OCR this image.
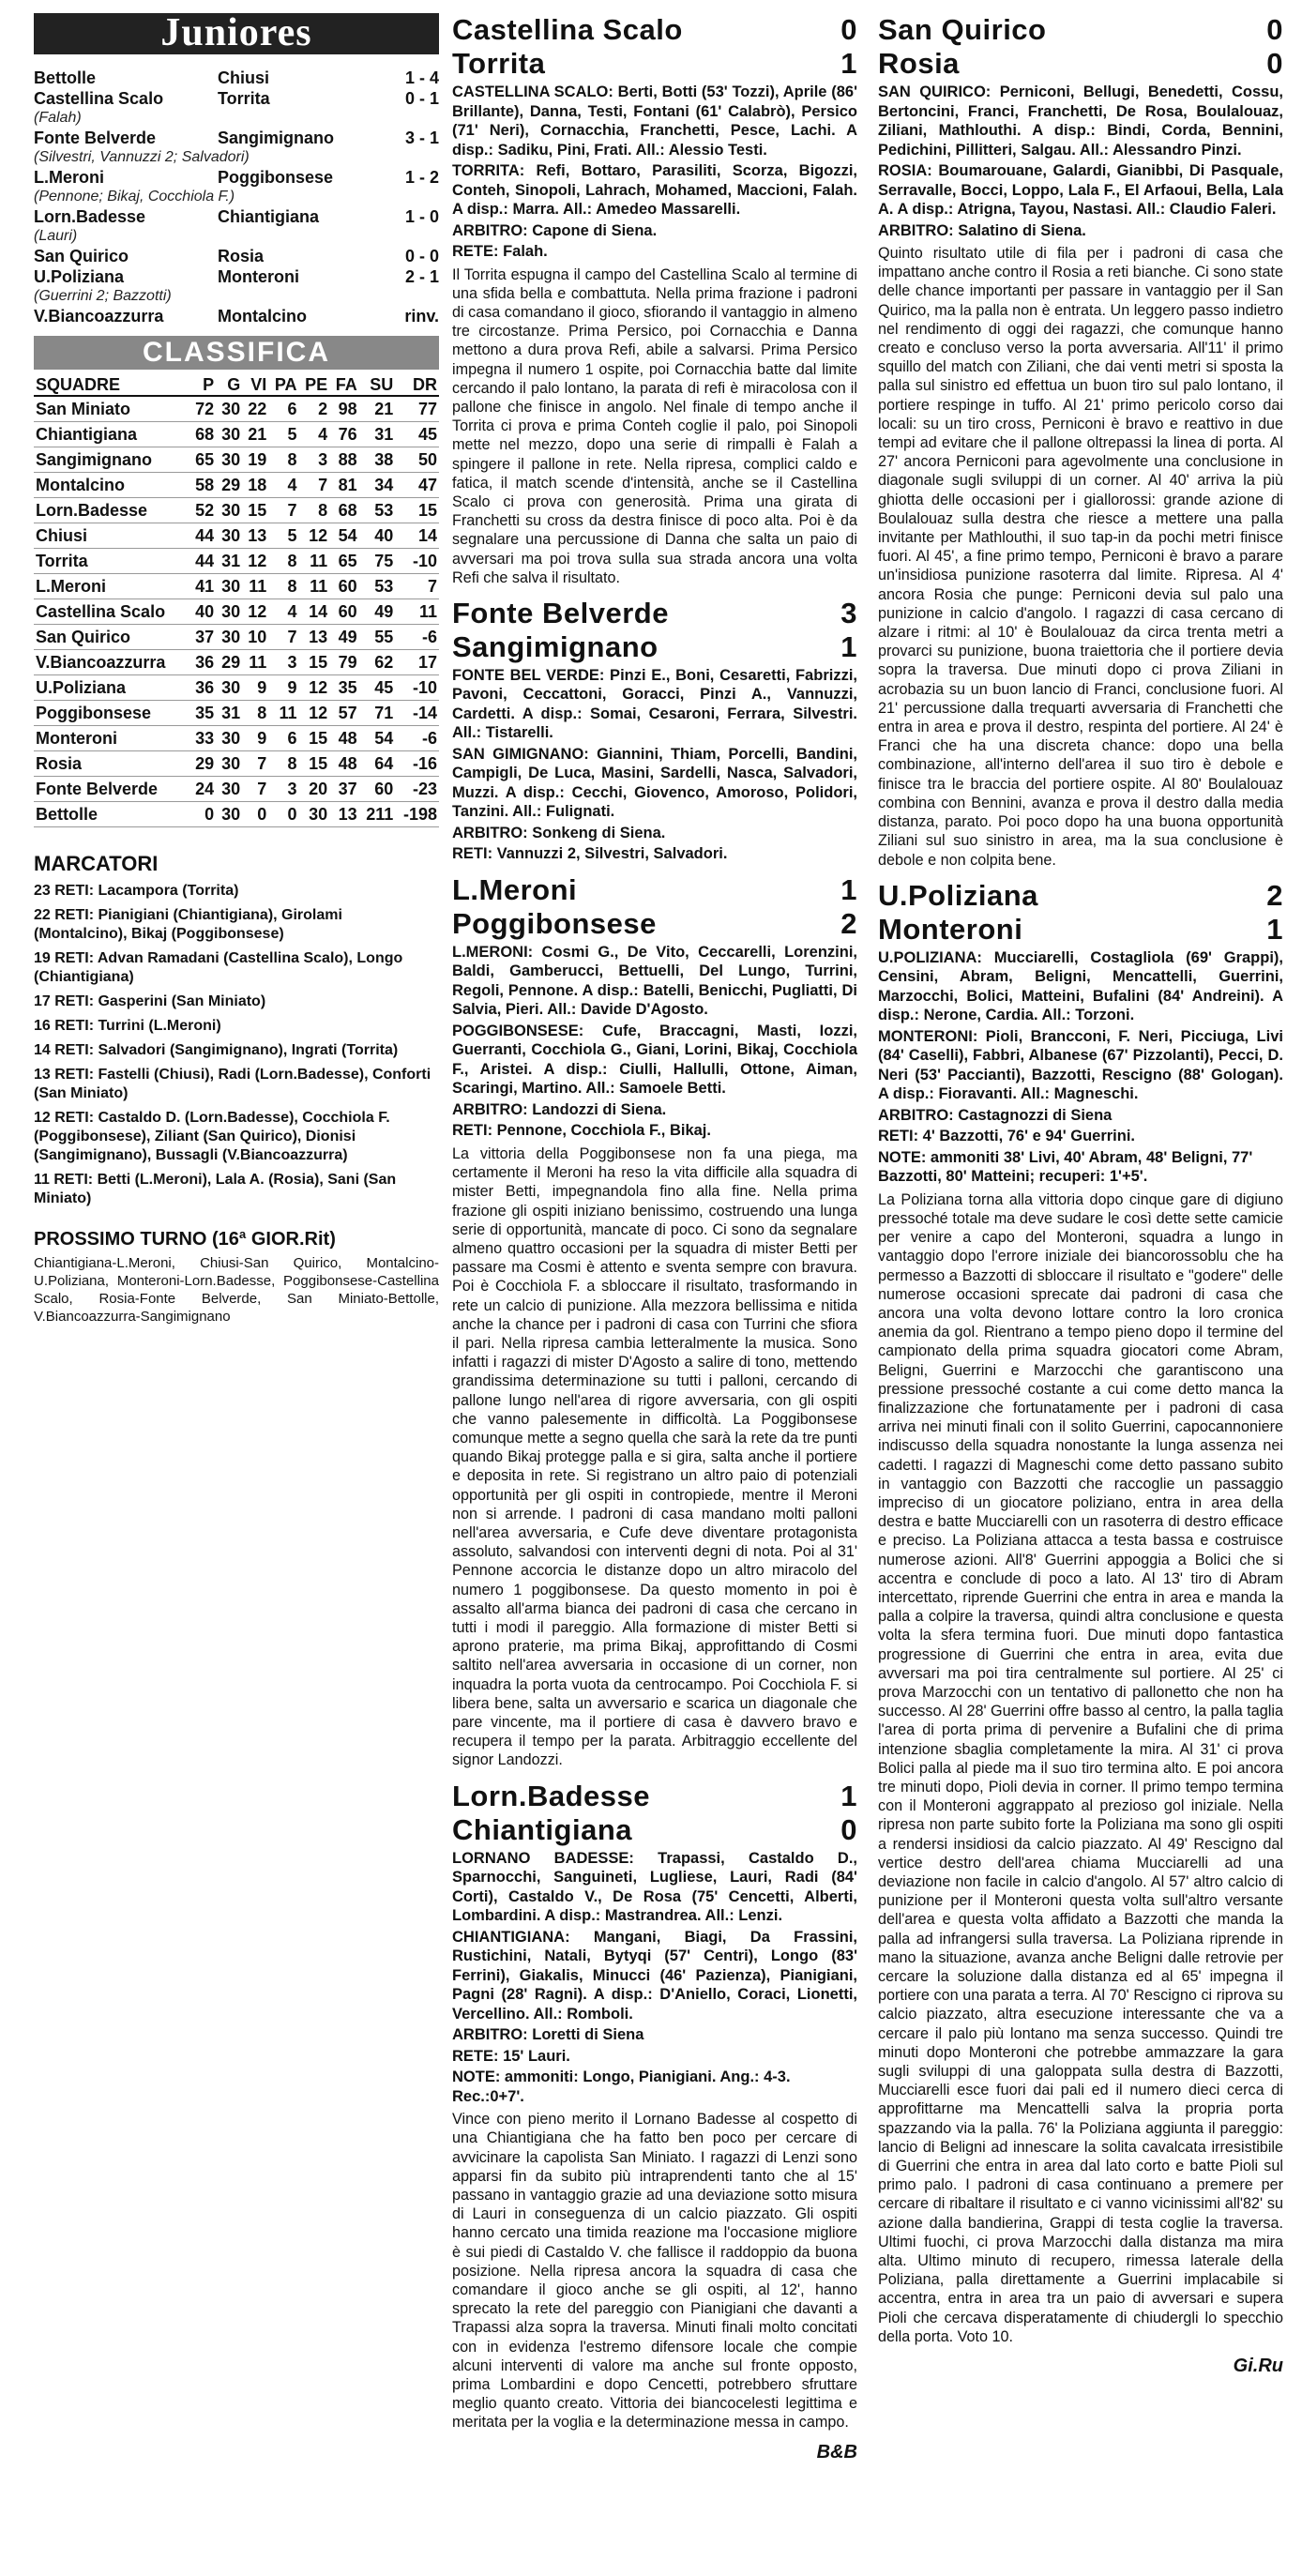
Juniores
Bettolle	Chiusi	1 - 4
Castellina Scalo	Torrita	0 - 1
(Falah)
Fonte Belverde	Sangimignano	3 - 1
(Silvestri, Vannuzzi 2; Salvadori)
L.Meroni	Poggibonsese	1 - 2
(Pennone; Bikaj, Cocchiola F.)
Lorn.Badesse	Chiantigiana	1 - 0
(Lauri)
San Quirico	Rosia	0 - 0
U.Poliziana	Monteroni	2 - 1
(Guerrini 2; Bazzotti)
V.Biancoazzurra	Montalcino	rinv.
CLASSIFICA
SQUADRE	P	G	VI	PA	PE	FA	SU	DR
San Miniato	72	30	22	6	2	98	21	77
Chiantigiana	68	30	21	5	4	76	31	45
Sangimignano	65	30	19	8	3	88	38	50
Montalcino	58	29	18	4	7	81	34	47
Lorn.Badesse	52	30	15	7	8	68	53	15
Chiusi	44	30	13	5	12	54	40	14
Torrita	44	31	12	8	11	65	75	-10
L.Meroni	41	30	11	8	11	60	53	7
Castellina Scalo	40	30	12	4	14	60	49	11
San Quirico	37	30	10	7	13	49	55	-6
V.Biancoazzurra	36	29	11	3	15	79	62	17
U.Poliziana	36	30	9	9	12	35	45	-10
Poggibonsese	35	31	8	11	12	57	71	-14
Monteroni	33	30	9	6	15	48	54	-6
Rosia	29	30	7	8	15	48	64	-16
Fonte Belverde	24	30	7	3	20	37	60	-23
Bettolle	0	30	0	0	30	13	211	-198
MARCATORI

23 RETI: Lacampora (Torrita)

22 RETI: Pianigiani (Chiantigiana), Girolami (Montalcino), Bikaj (Poggibonsese)

19 RETI: Advan Ramadani (Castellina Scalo), Longo (Chiantigiana)

17 RETI: Gasperini (San Miniato)

16 RETI: Turrini (L.Meroni)

14 RETI: Salvadori (Sangimignano), Ingrati (Torrita)

13 RETI: Fastelli (Chiusi), Radi (Lorn.Badesse), Conforti (San Miniato)

12 RETI: Castaldo D. (Lorn.Badesse), Cocchiola F. (Poggibonsese), Ziliant (San Quirico), Dionisi (Sangimignano), Bussagli (V.Biancoazzurra)

11 RETI: Betti (L.Meroni), Lala A. (Rosia), Sani (San Miniato)

PROSSIMO TURNO (16ª GIOR.Rit)

Chiantigiana-L.Meroni, Chiusi-San Quirico, Montalcino-U.Poliziana, Monteroni-Lorn.Badesse, Poggibonsese-Castellina Scalo, Rosia-Fonte Belverde, San Miniato-Bettolle, V.Biancoazzurra-Sangimignano

Castellina Scalo	0
Torrita	1

CASTELLINA SCALO: Berti, Botti (53' Tozzi), Aprile (86' Brillante), Danna, Testi, Fontani (61' Calabrò), Persico (71' Neri), Cornacchia, Franchetti, Pesce, Lachi. A disp.: Sadiku, Pini, Frati. All.: Alessio Testi.

TORRITA: Refi, Bottaro, Parasiliti, Scorza, Bigozzi, Conteh, Sinopoli, Lahrach, Mohamed, Maccioni, Falah. A disp.: Marra. All.: Amedeo Massarelli.

ARBITRO: Capone di Siena.

RETE: Falah.

Il Torrita espugna il campo del Castellina Scalo al termine di una sfida bella e combattuta. Nella prima frazione i padroni di casa comandano il gioco, sfiorando il vantaggio in almeno tre circostanze. Prima Persico, poi Cornacchia e Danna mettono a dura prova Refi, abile a salvarsi. Prima Persico impegna il numero 1 ospite, poi Cornacchia batte dal limite cercando il palo lontano, la parata di refi è miracolosa con il pallone che finisce in angolo. Nel finale di tempo anche il Torrita ci prova e prima Conteh coglie il palo, poi Sinopoli mette nel mezzo, dopo una serie di rimpalli è Falah a spingere il pallone in rete. Nella ripresa, complici caldo e fatica, il match scende d'intensità, anche se il Castellina Scalo ci prova con generosità. Prima una girata di Franchetti su cross da destra finisce di poco alta. Poi è da segnalare una percussione di Danna che salta un paio di avversari ma poi trova sulla sua strada ancora una volta Refi che salva il risultato.

Fonte Belverde	3
Sangimignano	1

FONTE BEL VERDE: Pinzi E., Boni, Cesaretti, Fabrizzi, Pavoni, Ceccattoni, Goracci, Pinzi A., Vannuzzi, Cardetti. A disp.: Somai, Cesaroni, Ferrara, Silvestri. All.: Tistarelli.

SAN GIMIGNANO: Giannini, Thiam, Porcelli, Bandini, Campigli, De Luca, Masini, Sardelli, Nasca, Salvadori, Muzzi. A disp.: Cecchi, Giovenco, Amoroso, Polidori, Tanzini. All.: Fulignati.

ARBITRO: Sonkeng di Siena.

RETI: Vannuzzi 2, Silvestri, Salvadori.

L.Meroni	1
Poggibonsese	2

L.MERONI: Cosmi G., De Vito, Ceccarelli, Lorenzini, Baldi, Gamberucci, Bettuelli, Del Lungo, Turrini, Regoli, Pennone. A disp.: Batelli, Benicchi, Pugliatti, Di Salvia, Pieri. All.: Davide D'Agosto.

POGGIBONSESE: Cufe, Braccagni, Masti, Iozzi, Guerranti, Cocchiola G., Giani, Lorini, Bikaj, Cocchiola F., Aristei. A disp.: Ciulli, Hallulli, Ottone, Aiman, Scaringi, Martino. All.: Samoele Betti.

ARBITRO: Landozzi di Siena.

RETI: Pennone, Cocchiola F., Bikaj.

La vittoria della Poggibonsese non fa una piega, ma certamente il Meroni ha reso la vita difficile alla squadra di mister Betti, impegnandola fino alla fine. Nella prima frazione gli ospiti iniziano benissimo, costruendo una lunga serie di opportunità, mancate di poco. Ci sono da segnalare almeno quattro occasioni per la squadra di mister Betti per passare ma Cosmi è attento e sventa sempre con bravura. Poi è Cocchiola F. a sbloccare il risultato, trasformando in rete un calcio di punizione. Alla mezzora bellissima e nitida anche la chance per i padroni di casa con Turrini che sfiora il pari. Nella ripresa cambia letteralmente la musica. Sono infatti i ragazzi di mister D'Agosto a salire di tono, mettendo grandissima determinazione su tutti i palloni, cercando di pallone lungo nell'area di rigore avversaria, con gli ospiti che vanno palesemente in difficoltà. La Poggibonsese comunque mette a segno quella che sarà la rete da tre punti quando Bikaj protegge palla e si gira, salta anche il portiere e deposita in rete. Si registrano un altro paio di potenziali opportunità per gli ospiti in contropiede, mentre il Meroni non si arrende. I padroni di casa mandano molti palloni nell'area avversaria, e Cufe deve diventare protagonista assoluto, salvandosi con interventi degni di nota. Poi al 31' Pennone accorcia le distanze dopo un altro miracolo del numero 1 poggibonsese. Da questo momento in poi è assalto all'arma bianca dei padroni di casa che cercano in tutti i modi il pareggio. Alla formazione di mister Betti si aprono praterie, ma prima Bikaj, approfittando di Cosmi saltito nell'area avversaria in occasione di un corner, non inquadra la porta vuota da centrocampo. Poi Cocchiola F. si libera bene, salta un avversario e scarica un diagonale che pare vincente, ma il portiere di casa è davvero bravo e recupera il tempo per la parata. Arbitraggio eccellente del signor Landozzi.

Lorn.Badesse	1
Chiantigiana	0

LORNANO BADESSE: Trapassi, Castaldo D., Sparnocchi, Sanguineti, Lugliese, Lauri, Radi (84' Corti), Castaldo V., De Rosa (75' Cencetti, Alberti, Lombardini. A disp.: Mastrandrea. All.: Lenzi.

CHIANTIGIANA: Mangani, Biagi, Da Frassini, Rustichini, Natali, Bytyqi (57' Centri), Longo (83' Ferrini), Giakalis, Minucci (46' Pazienza), Pianigiani, Pagni (28' Ragni). A disp.: D'Aniello, Coraci, Lionetti, Vercellino. All.: Romboli.

ARBITRO: Loretti di Siena

RETE: 15' Lauri.

NOTE: ammoniti: Longo, Pianigiani. Ang.: 4-3. Rec.:0+7'.

Vince con pieno merito il Lornano Badesse al cospetto di una Chiantigiana che ha fatto ben poco per cercare di avvicinare la capolista San Miniato. I ragazzi di Lenzi sono apparsi fin da subito più intraprendenti tanto che al 15' passano in vantaggio grazie ad una deviazione sotto misura di Lauri in conseguenza di un calcio piazzato. Gli ospiti hanno cercato una timida reazione ma l'occasione migliore è sui piedi di Castaldo V. che fallisce il raddoppio da buona posizione. Nella ripresa ancora la squadra di casa che comandare il gioco anche se gli ospiti, al 12', hanno sprecato la rete del pareggio con Pianigiani che davanti a Trapassi alza sopra la traversa. Minuti finali molto concitati con in evidenza l'estremo difensore locale che compie alcuni interventi di valore ma anche sul fronte opposto, prima Lombardini e dopo Cencetti, potrebbero sfruttare meglio quanto creato. Vittoria dei biancocelesti legittima e meritata per la voglia e la determinazione messa in campo.

B&B
San Quirico	0
Rosia	0

SAN QUIRICO: Perniconi, Bellugi, Benedetti, Cossu, Bertoncini, Franci, Franchetti, De Rosa, Boulalouaz, Ziliani, Mathlouthi. A disp.: Bindi, Corda, Bennini, Pedichini, Pillitteri, Salgau. All.: Alessandro Pinzi.

ROSIA: Boumarouane, Galardi, Gianibbi, Di Pasquale, Serravalle, Bocci, Loppo, Lala F., El Arfaoui, Bella, Lala A. A disp.: Atrigna, Tayou, Nastasi. All.: Claudio Faleri.

ARBITRO: Salatino di Siena.

Quinto risultato utile di fila per i padroni di casa che impattano anche contro il Rosia a reti bianche. Ci sono state delle chance importanti per passare in vantaggio per il San Quirico, ma la palla non è entrata. Un leggero passo indietro nel rendimento di oggi dei ragazzi, che comunque hanno creato e concluso verso la porta avversaria. All'11' il primo squillo del match con Ziliani, che dai venti metri si sposta la palla sul sinistro ed effettua un buon tiro sul palo lontano, il portiere respinge in tuffo. Al 21' primo pericolo corso dai locali: su un tiro cross, Perniconi è bravo e reattivo in due tempi ad evitare che il pallone oltrepassi la linea di porta. Al 27' ancora Perniconi para agevolmente una conclusione in diagonale sugli sviluppi di un corner. Al 40' arriva la più ghiotta delle occasioni per i giallorossi: grande azione di Boulalouaz sulla destra che riesce a mettere una palla invitante per Mathlouthi, il suo tap-in da pochi metri finisce fuori. Al 45', a fine primo tempo, Perniconi è bravo a parare un'insidiosa punizione rasoterra dal limite. Ripresa. Al 4' ancora Rosia che punge: Perniconi devia sul palo una punizione in calcio d'angolo. I ragazzi di casa cercano di alzare i ritmi: al 10' è Boulalouaz da circa trenta metri a provarci su punizione, buona traiettoria che il portiere devia sopra la traversa. Due minuti dopo ci prova Ziliani in acrobazia su un buon lancio di Franci, conclusione fuori. Al 21' percussione dalla trequarti avversaria di Franchetti che entra in area e prova il destro, respinta del portiere. Al 24' è Franci che ha una discreta chance: dopo una bella combinazione, all'interno dell'area il suo tiro è debole e finisce tra le braccia del portiere ospite. Al 80' Boulalouaz combina con Bennini, avanza e prova il destro dalla media distanza, parato. Poi poco dopo ha una buona opportunità Ziliani sul suo sinistro in area, ma la sua conclusione è debole e non colpita bene.

U.Poliziana	2
Monteroni	1

U.POLIZIANA: Mucciarelli, Costagliola (69' Grappi), Censini, Abram, Beligni, Mencattelli, Guerrini, Marzocchi, Bolici, Matteini, Bufalini (84' Andreini). A disp.: Nerone, Cardia. All.: Torzoni.

MONTERONI: Pioli, Brancconi, F. Neri, Picciuga, Livi (84' Caselli), Fabbri, Albanese (67' Pizzolanti), Pecci, D. Neri (53' Paccianti), Bazzotti, Rescigno (88' Gologan). A disp.: Fioravanti. All.: Magneschi.

ARBITRO: Castagnozzi di Siena

RETI: 4' Bazzotti, 76' e 94' Guerrini.

NOTE: ammoniti 38' Livi, 40' Abram, 48' Beligni, 77' Bazzotti, 80' Matteini; recuperi: 1'+5'.

La Poliziana torna alla vittoria dopo cinque gare di digiuno pressoché totale ma deve sudare le così dette sette camicie per venire a capo del Monteroni, squadra a lungo in vantaggio dopo l'errore iniziale dei biancorossoblu che ha permesso a Bazzotti di sbloccare il risultato e "godere" delle numerose occasioni sprecate dai padroni di casa che ancora una volta devono lottare contro la loro cronica anemia da gol. Rientrano a tempo pieno dopo il termine del campionato della prima squadra giocatori come Abram, Beligni, Guerrini e Marzocchi che garantiscono una pressione pressoché costante a cui come detto manca la finalizzazione che fortunatamente per i padroni di casa arriva nei minuti finali con il solito Guerrini, capocannoniere indiscusso della squadra nonostante la lunga assenza nei cadetti. I ragazzi di Magneschi come detto passano subito in vantaggio con Bazzotti che raccoglie un passaggio impreciso di un giocatore poliziano, entra in area della destra e batte Mucciarelli con un rasoterra di destro efficace e preciso. La Poliziana attacca a testa bassa e costruisce numerose azioni. All'8' Guerrini appoggia a Bolici che si accentra e conclude di poco a lato. Al 13' tiro di Abram intercettato, riprende Guerrini che entra in area e manda la palla a colpire la traversa, quindi altra conclusione e questa volta la sfera termina fuori. Due minuti dopo fantastica progressione di Guerrini che entra in area, evita due avversari ma poi tira centralmente sul portiere. Al 25' ci prova Marzocchi con un tentativo di pallonetto che non ha successo. Al 28' Guerrini offre basso al centro, la palla taglia l'area di porta prima di pervenire a Bufalini che di prima intenzione sbaglia completamente la mira. Al 31' ci prova Bolici palla al piede ma il suo tiro termina alto. E poi ancora tre minuti dopo, Pioli devia in corner. Il primo tempo termina con il Monteroni aggrappato al prezioso gol iniziale. Nella ripresa non parte subito forte la Poliziana ma sono gli ospiti a rendersi insidiosi da calcio piazzato. Al 49' Rescigno dal vertice destro dell'area chiama Mucciarelli ad una deviazione non facile in calcio d'angolo. Al 57' altro calcio di punizione per il Monteroni questa volta sull'altro versante dell'area e questa volta affidato a Bazzotti che manda la palla ad infrangersi sulla traversa. La Poliziana riprende in mano la situazione, avanza anche Beligni dalle retrovie per cercare la soluzione dalla distanza ed al 65' impegna il portiere con una parata a terra. Al 70' Rescigno ci riprova su calcio piazzato, altra esecuzione interessante che va a cercare il palo più lontano ma senza successo. Quindi tre minuti dopo Monteroni che potrebbe ammazzare la gara sugli sviluppi di una galoppata sulla destra di Bazzotti, Mucciarelli esce fuori dai pali ed il numero dieci cerca di approfittarne ma Mencattelli salva la propria porta spazzando via la palla. 76' la Poliziana aggiunta il pareggio: lancio di Beligni ad innescare la solita cavalcata irresistibile di Guerrini che entra in area dal lato corto e batte Pioli sul primo palo. I padroni di casa continuano a premere per cercare di ribaltare il risultato e ci vanno vicinissimi all'82' su azione dalla bandierina, Grappi di testa coglie la traversa. Ultimi fuochi, ci prova Marzocchi dalla distanza ma mira alta. Ultimo minuto di recupero, rimessa laterale della Poliziana, palla direttamente a Guerrini implacabile si accentra, entra in area tra un paio di avversari e supera Pioli che cercava disperatamente di chiudergli lo specchio della porta. Voto 10.

Gi.Ru
